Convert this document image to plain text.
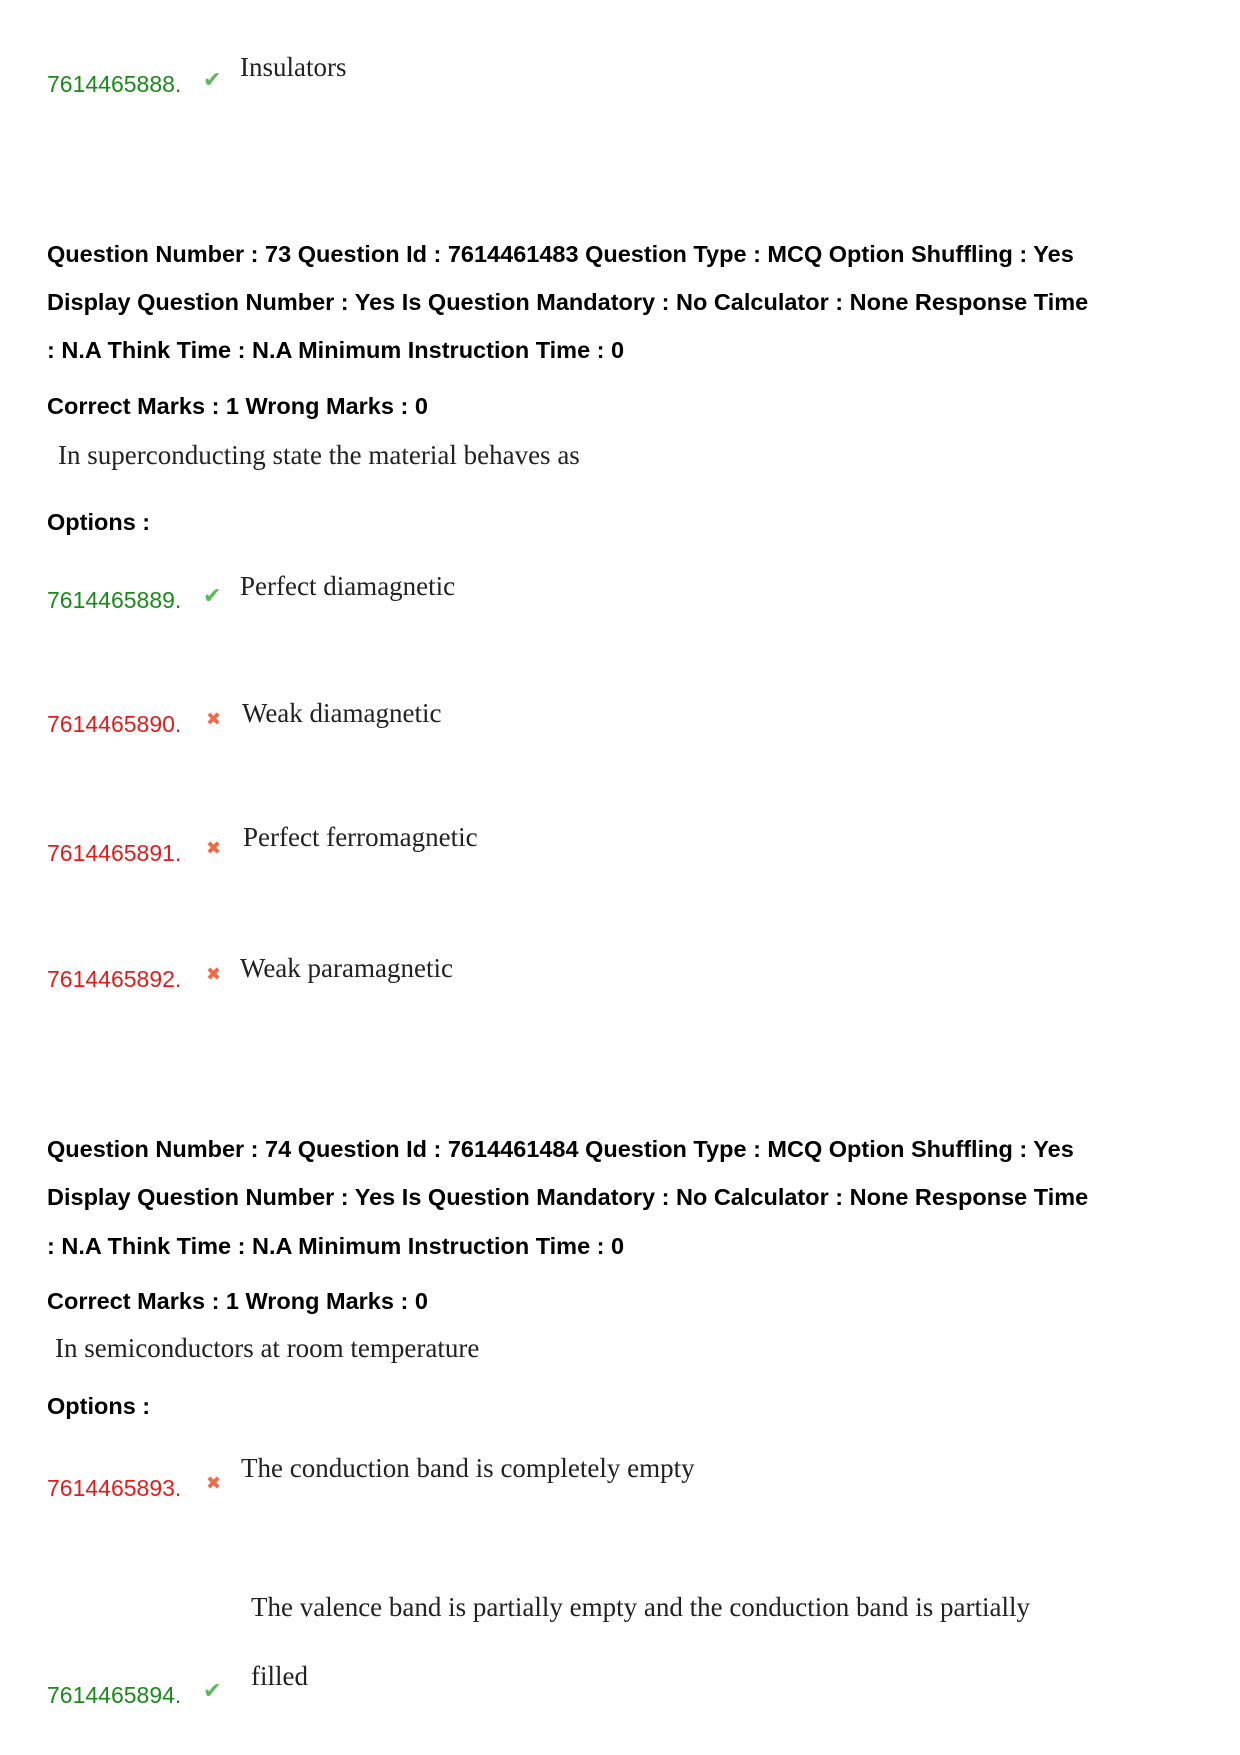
7614465888. ✔ Insulators
Question Number : 73 Question Id : 7614461483 Question Type : MCQ Option Shuffling : Yes
Display Question Number : Yes Is Question Mandatory : No Calculator : None Response Time
: N.A Think Time : N.A Minimum Instruction Time : 0
Correct Marks : 1 Wrong Marks : 0
In superconducting state the material behaves as
Options :
7614465889. ✔ Perfect diamagnetic
7614465890. ✖ Weak diamagnetic
7614465891. ✖ Perfect ferromagnetic
7614465892. ✖ Weak paramagnetic
Question Number : 74 Question Id : 7614461484 Question Type : MCQ Option Shuffling : Yes
Display Question Number : Yes Is Question Mandatory : No Calculator : None Response Time
: N.A Think Time : N.A Minimum Instruction Time : 0
Correct Marks : 1 Wrong Marks : 0
In semiconductors at room temperature
Options :
7614465893. ✖
The conduction band is completely empty
The valence band is partially empty and the conduction band is partially
filled
7614465894. ✔
